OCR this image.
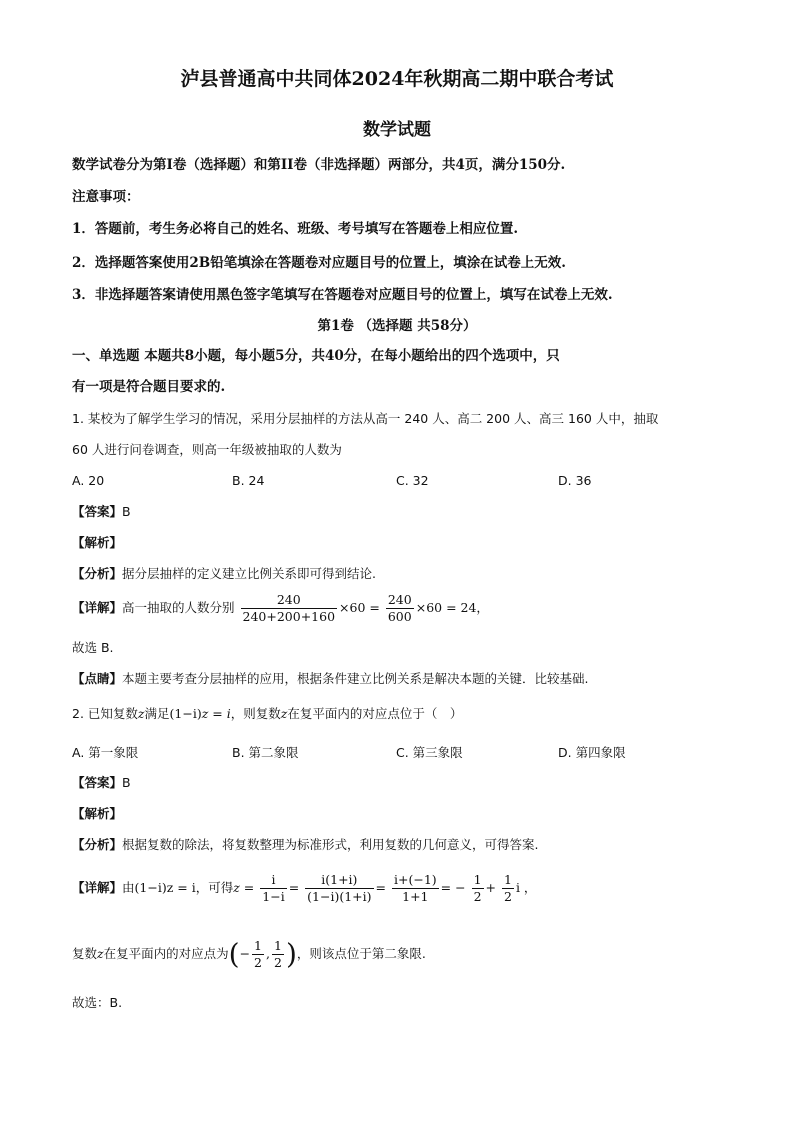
泸县普通高中共同体2024年秋期高二期中联合考试
数学试题
数学试卷分为第I卷（选择题）和第II卷（非选择题）两部分，共4页，满分150分.
注意事项：
1．答题前，考生务必将自己的姓名、班级、考号填写在答题卷上相应位置.
2．选择题答案使用2B铅笔填涂在答题卷对应题目号的位置上，填涂在试卷上无效.
3．非选择题答案请使用黑色签字笔填写在答题卷对应题目号的位置上，填写在试卷上无效.
第1卷 （选择题 共58分）
一、单选题 本题共8小题，每小题5分，共40分，在每小题给出的四个选项中，只
有一项是符合题目要求的.
1. 某校为了解学生学习的情况，采用分层抽样的方法从高一 240 人、高二 200 人、高三 160 人中，抽取
60 人进行问卷调查，则高一年级被抽取的人数为
A. 20	B. 24	C. 32	D. 36
【答案】B
【解析】
【分析】据分层抽样的定义建立比例关系即可得到结论.
【详解】高一抽取的人数分别 $\frac{240}{240+200+160} \times 60 = \frac{240}{600} \times 60 = 24$，
故选 B.
【点睛】本题主要考查分层抽样的应用，根据条件建立比例关系是解决本题的关键．比较基础.
2. 已知复数z满足(1−i)z = i，则复数z在复平面内的对应点位于（　）
A. 第一象限	B. 第二象限	C. 第三象限	D. 第四象限
【答案】B
【解析】
【分析】根据复数的除法，将复数整理为标准形式，利用复数的几何意义，可得答案.
【详解】由(1−i)z = i，可得$z = \frac{i}{1-i} = \frac{i(1+i)}{(1-i)(1+i)} = \frac{i+(-1)}{1+1}$ = − $\frac{1}{2} + \frac{1}{2}$ i ，
复数z在复平面内的对应点为(− $\frac{1}{2}$ , $\frac{1}{2}$ )，则该点位于第二象限.
故选：B.
